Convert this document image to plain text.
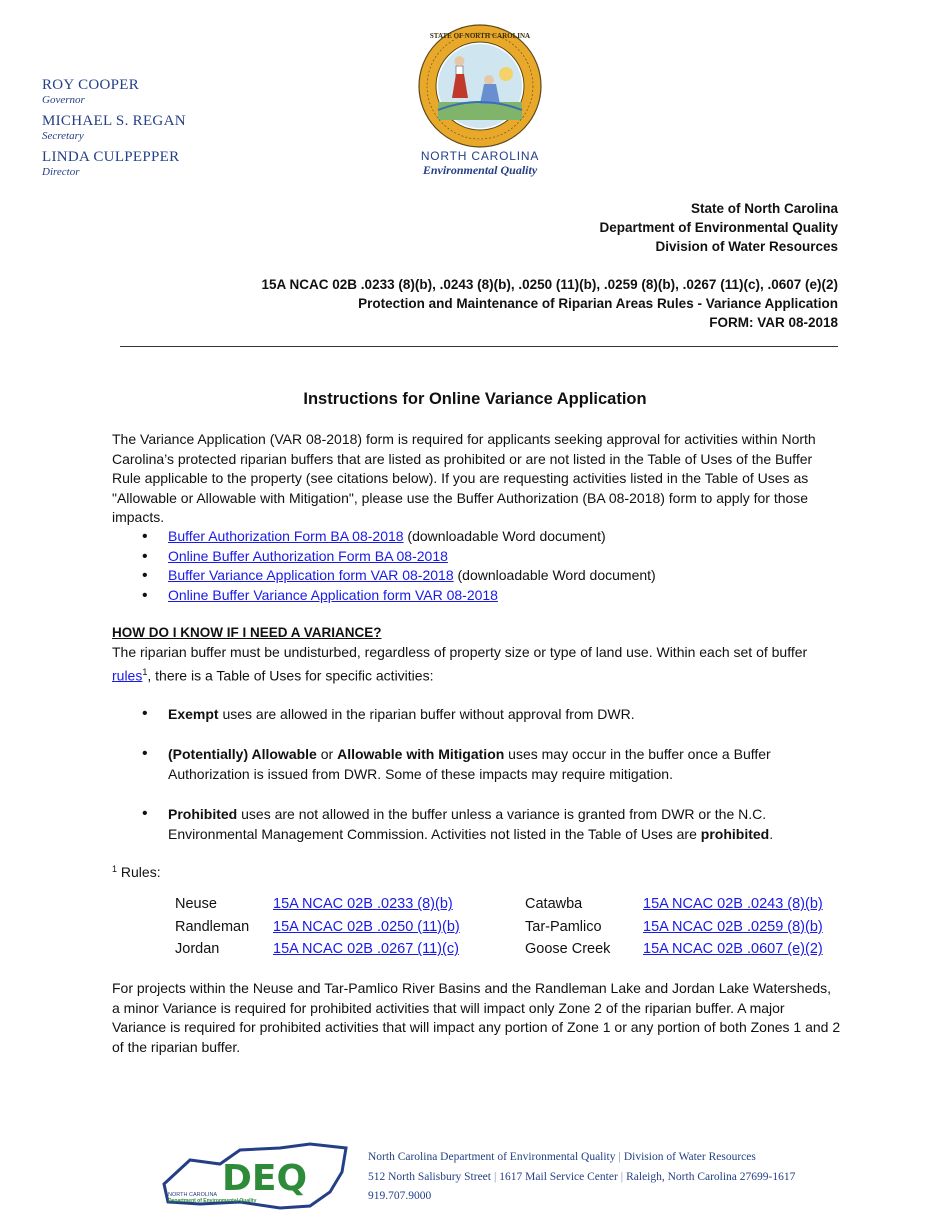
ROY COOPER
Governor
MICHAEL S. REGAN
Secretary
LINDA CULPEPPER
Director
STATE OF NORTH CAROLINA
NORTH CAROLINA
Environmental Quality
State of North Carolina
Department of Environmental Quality
Division of Water Resources
15A NCAC 02B .0233 (8)(b), .0243 (8)(b), .0250 (11)(b), .0259 (8)(b), .0267 (11)(c), .0607 (e)(2)
Protection and Maintenance of Riparian Areas Rules - Variance Application
FORM: VAR 08-2018
Instructions for Online Variance Application

The Variance Application (VAR 08-2018) form is required for applicants seeking approval for activities within North Carolina’s protected riparian buffers that are listed as prohibited or are not listed in the Table of Uses of the Buffer Rule applicable to the property (see citations below). If you are requesting activities listed in the Table of Uses as "Allowable or Allowable with Mitigation", please use the Buffer Authorization (BA 08-2018) form to apply for those impacts.

• Buffer Authorization Form BA 08-2018 (downloadable Word document)
• Online Buffer Authorization Form BA 08-2018
• Buffer Variance Application form VAR 08-2018 (downloadable Word document)
• Online Buffer Variance Application form VAR 08-2018
HOW DO I KNOW IF I NEED A VARIANCE?

The riparian buffer must be undisturbed, regardless of property size or type of land use. Within each set of buffer rules$^1$, there is a Table of Uses for specific activities:

• Exempt uses are allowed in the riparian buffer without approval from DWR.
• (Potentially) Allowable or Allowable with Mitigation uses may occur in the buffer once a Buffer Authorization is issued from DWR. Some of these impacts may require mitigation.
• Prohibited uses are not allowed in the buffer unless a variance is granted from DWR or the N.C. Environmental Management Commission. Activities not listed in the Table of Uses are prohibited.
$^1$ Rules:
Neuse	15A NCAC 02B .0233 (8)(b)	Catawba	15A NCAC 02B .0243 (8)(b)
Randleman	15A NCAC 02B .0250 (11)(b)	Tar-Pamlico	15A NCAC 02B .0259 (8)(b)
Jordan	15A NCAC 02B .0267 (11)(c)	Goose Creek	15A NCAC 02B .0607 (e)(2)

For projects within the Neuse and Tar-Pamlico River Basins and the Randleman Lake and Jordan Lake Watersheds, a minor Variance is required for prohibited activities that will impact only Zone 2 of the riparian buffer. A major Variance is required for prohibited activities that will impact any portion of Zone 1 or any portion of both Zones 1 and 2 of the riparian buffer.

DEQ
NORTH CAROLINA
Department of Environmental Quality
North Carolina Department of Environmental Quality | Division of Water Resources
512 North Salisbury Street | 1617 Mail Service Center | Raleigh, North Carolina 27699-1617
919.707.9000
